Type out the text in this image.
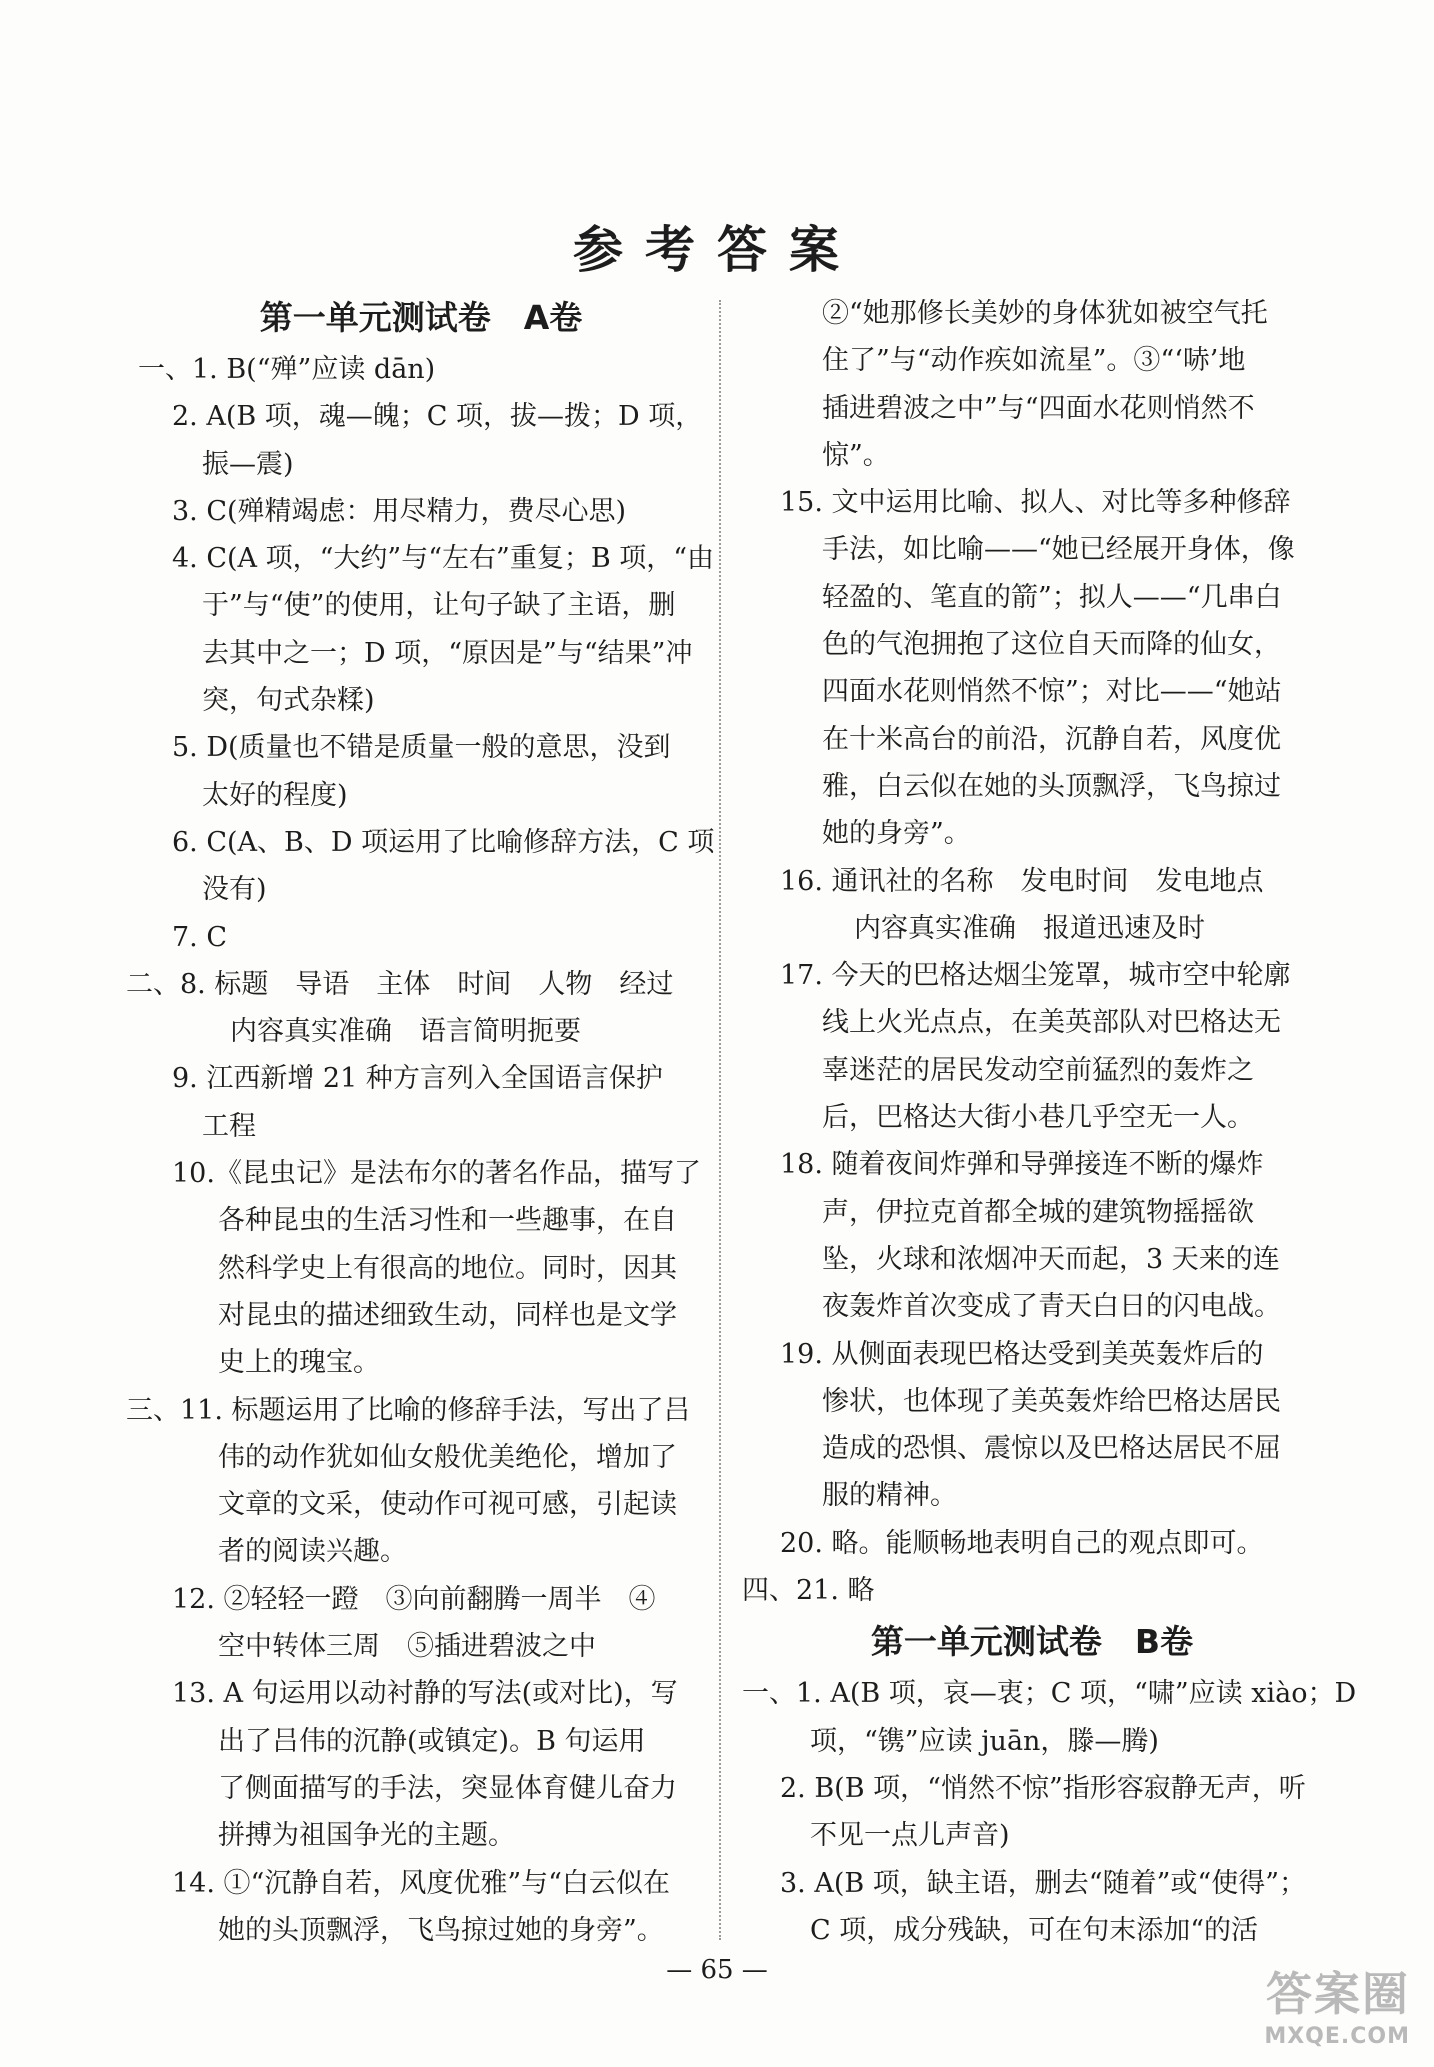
参考答案
第一单元测试卷　A卷
一、1. B(“殚”应读 dān)
2. A(B 项，魂—魄；C 项，拔—拨；D 项，
振—震)
3. C(殚精竭虑：用尽精力，费尽心思)
4. C(A 项，“大约”与“左右”重复；B 项，“由
于”与“使”的使用，让句子缺了主语，删
去其中之一；D 项，“原因是”与“结果”冲
突，句式杂糅)
5. D(质量也不错是质量一般的意思，没到
太好的程度)
6. C(A、B、D 项运用了比喻修辞方法，C 项
没有)
7. C
二、8. 标题　导语　主体　时间　人物　经过
内容真实准确　语言简明扼要
9. 江西新增 21 种方言列入全国语言保护
工程
10.《昆虫记》是法布尔的著名作品，描写了
各种昆虫的生活习性和一些趣事，在自
然科学史上有很高的地位。同时，因其
对昆虫的描述细致生动，同样也是文学
史上的瑰宝。
三、11. 标题运用了比喻的修辞手法，写出了吕
伟的动作犹如仙女般优美绝伦，增加了
文章的文采，使动作可视可感，引起读
者的阅读兴趣。
12. ②轻轻一蹬　③向前翻腾一周半　④
空中转体三周　⑤插进碧波之中
13. A 句运用以动衬静的写法(或对比)，写
出了吕伟的沉静(或镇定)。B 句运用
了侧面描写的手法，突显体育健儿奋力
拼搏为祖国争光的主题。
14. ①“沉静自若，风度优雅”与“白云似在
她的头顶飘浮，飞鸟掠过她的身旁”。
②“她那修长美妙的身体犹如被空气托
住了”与“动作疾如流星”。③“‘哧’地
插进碧波之中”与“四面水花则悄然不
惊”。
15. 文中运用比喻、拟人、对比等多种修辞
手法，如比喻——“她已经展开身体，像
轻盈的、笔直的箭”；拟人——“几串白
色的气泡拥抱了这位自天而降的仙女，
四面水花则悄然不惊”；对比——“她站
在十米高台的前沿，沉静自若，风度优
雅，白云似在她的头顶飘浮，飞鸟掠过
她的身旁”。
16. 通讯社的名称　发电时间　发电地点
内容真实准确　报道迅速及时
17. 今天的巴格达烟尘笼罩，城市空中轮廓
线上火光点点，在美英部队对巴格达无
辜迷茫的居民发动空前猛烈的轰炸之
后，巴格达大街小巷几乎空无一人。
18. 随着夜间炸弹和导弹接连不断的爆炸
声，伊拉克首都全城的建筑物摇摇欲
坠，火球和浓烟冲天而起，3 天来的连
夜轰炸首次变成了青天白日的闪电战。
19. 从侧面表现巴格达受到美英轰炸后的
惨状，也体现了美英轰炸给巴格达居民
造成的恐惧、震惊以及巴格达居民不屈
服的精神。
20. 略。能顺畅地表明自己的观点即可。
四、21. 略
第一单元测试卷　B卷
一、1. A(B 项，哀—衷；C 项，“啸”应读 xiào；D
项，“镌”应读 juān，滕—腾)
2. B(B 项，“悄然不惊”指形容寂静无声，听
不见一点儿声音)
3. A(B 项，缺主语，删去“随着”或“使得”；
C 项，成分残缺，可在句末添加“的活
— 65 —	答案圈
MXQE.COM
